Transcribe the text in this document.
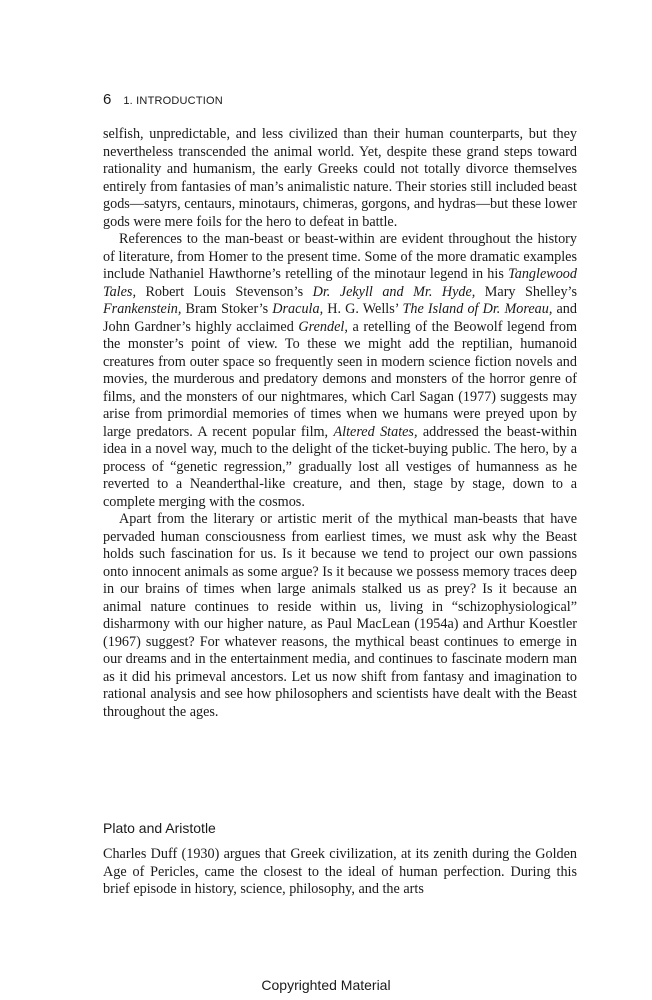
6 1. INTRODUCTION

selfish, unpredictable, and less civilized than their human counterparts, but they nevertheless transcended the animal world. Yet, despite these grand steps toward rationality and humanism, the early Greeks could not totally divorce themselves entirely from fantasies of man’s animalistic nature. Their stories still included beast gods—satyrs, centaurs, minotaurs, chimeras, gorgons, and hydras—but these lower gods were mere foils for the hero to defeat in battle.

References to the man-beast or beast-within are evident throughout the history of literature, from Homer to the present time. Some of the more dramatic examples include Nathaniel Hawthorne’s retelling of the minotaur legend in his Tanglewood Tales, Robert Louis Stevenson’s Dr. Jekyll and Mr. Hyde, Mary Shelley’s Frankenstein, Bram Stoker’s Dracula, H. G. Wells’ The Island of Dr. Moreau, and John Gardner’s highly acclaimed Grendel, a retelling of the Beowolf legend from the monster’s point of view. To these we might add the reptilian, humanoid creatures from outer space so frequently seen in modern science fiction novels and movies, the murderous and predatory demons and monsters of the horror genre of films, and the monsters of our nightmares, which Carl Sagan (1977) suggests may arise from primordial memories of times when we humans were preyed upon by large predators. A recent popular film, Altered States, addressed the beast-within idea in a novel way, much to the delight of the ticket-buying public. The hero, by a process of “genetic regression,” gradually lost all vestiges of humanness as he reverted to a Neanderthal-like creature, and then, stage by stage, down to a complete merging with the cosmos.

Apart from the literary or artistic merit of the mythical man-beasts that have pervaded human consciousness from earliest times, we must ask why the Beast holds such fascination for us. Is it because we tend to project our own passions onto innocent animals as some argue? Is it because we possess memory traces deep in our brains of times when large animals stalked us as prey? Is it because an animal nature continues to reside within us, living in “schizophysiological” disharmony with our higher nature, as Paul MacLean (1954a) and Arthur Koestler (1967) suggest? For whatever reasons, the mythical beast continues to emerge in our dreams and in the entertainment media, and continues to fascinate modern man as it did his primeval ancestors. Let us now shift from fantasy and imagination to rational analysis and see how philosophers and scientists have dealt with the Beast throughout the ages.

Plato and Aristotle

Charles Duff (1930) argues that Greek civilization, at its zenith during the Golden Age of Pericles, came the closest to the ideal of human perfection. During this brief episode in history, science, philosophy, and the arts

Copyrighted Material
